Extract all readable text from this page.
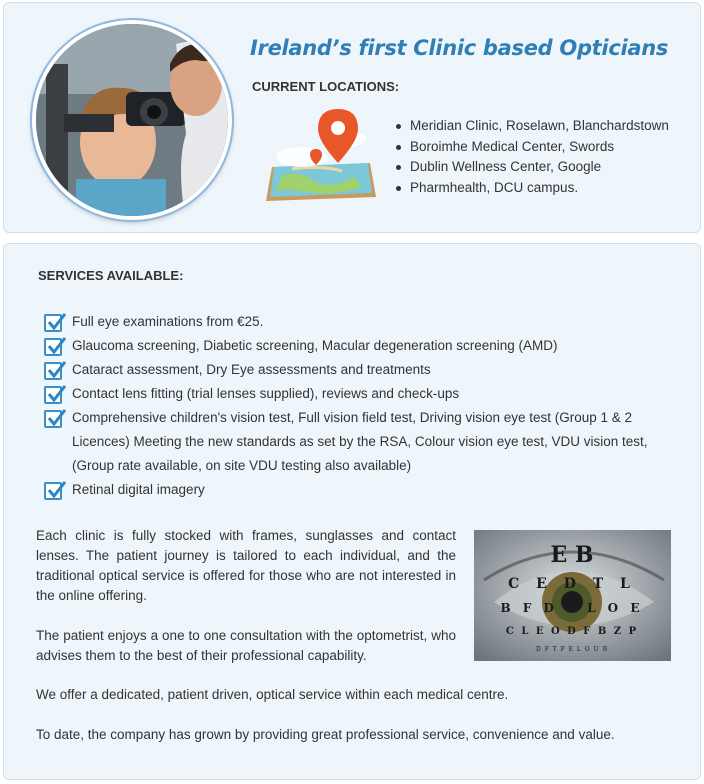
Ireland’s first Clinic based Opticians
CURRENT LOCATIONS:
Meridian Clinic, Roselawn, Blanchardstown
Boroimhe Medical Center, Swords
Dublin Wellness Center, Google
Pharmhealth, DCU campus.
SERVICES AVAILABLE:
Full eye examinations from €25.
Glaucoma screening, Diabetic screening, Macular degeneration screening (AMD)
Cataract assessment, Dry Eye assessments and treatments
Contact lens fitting (trial lenses supplied), reviews and check-ups
Comprehensive children's vision test, Full vision field test, Driving vision eye test (Group 1 & 2 Licences) Meeting the new standards as set by the RSA, Colour vision eye test, VDU vision test, (Group rate available, on site VDU testing also available)
Retinal digital imagery

Each clinic is fully stocked with frames, sunglasses and contact lenses. The patient journey is tailored to each individual, and the traditional optical service is offered for those who are not interested in the online offering.

The patient enjoys a one to one consultation with the optometrist, who advises them to the best of their professional capability.

We offer a dedicated, patient driven, optical service within each medical centre.

To date, the company has grown by providing great professional service, convenience and value.

E B
C E D T L
B F D Z L O E
C L E O D F B Z P
D F T P E L O U B
